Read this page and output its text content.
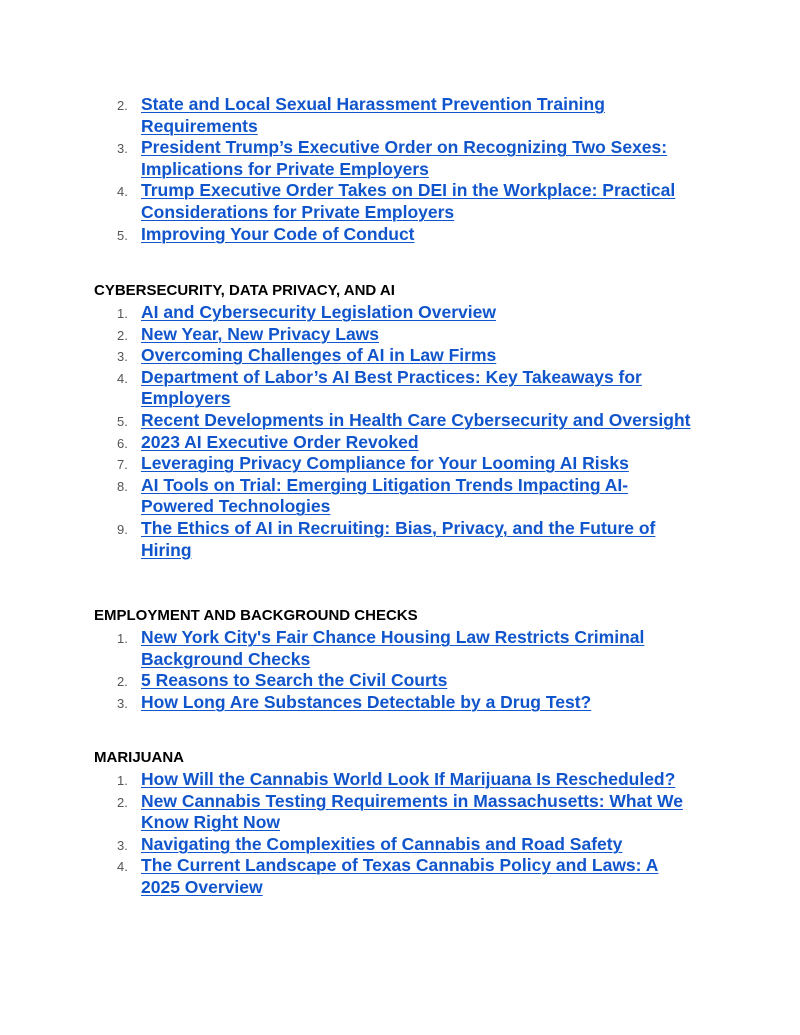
2. State and Local Sexual Harassment Prevention Training Requirements
3. President Trump’s Executive Order on Recognizing Two Sexes: Implications for Private Employers
4. Trump Executive Order Takes on DEI in the Workplace: Practical Considerations for Private Employers
5. Improving Your Code of Conduct
CYBERSECURITY, DATA PRIVACY, AND AI
1. AI and Cybersecurity Legislation Overview
2. New Year, New Privacy Laws
3. Overcoming Challenges of AI in Law Firms
4. Department of Labor’s AI Best Practices: Key Takeaways for Employers
5. Recent Developments in Health Care Cybersecurity and Oversight
6. 2023 AI Executive Order Revoked
7. Leveraging Privacy Compliance for Your Looming AI Risks
8. AI Tools on Trial: Emerging Litigation Trends Impacting AI-Powered Technologies
9. The Ethics of AI in Recruiting: Bias, Privacy, and the Future of Hiring
EMPLOYMENT AND BACKGROUND CHECKS
1. New York City's Fair Chance Housing Law Restricts Criminal Background Checks
2. 5 Reasons to Search the Civil Courts
3. How Long Are Substances Detectable by a Drug Test?
MARIJUANA
1. How Will the Cannabis World Look If Marijuana Is Rescheduled?
2. New Cannabis Testing Requirements in Massachusetts: What We Know Right Now
3. Navigating the Complexities of Cannabis and Road Safety
4. The Current Landscape of Texas Cannabis Policy and Laws: A 2025 Overview
